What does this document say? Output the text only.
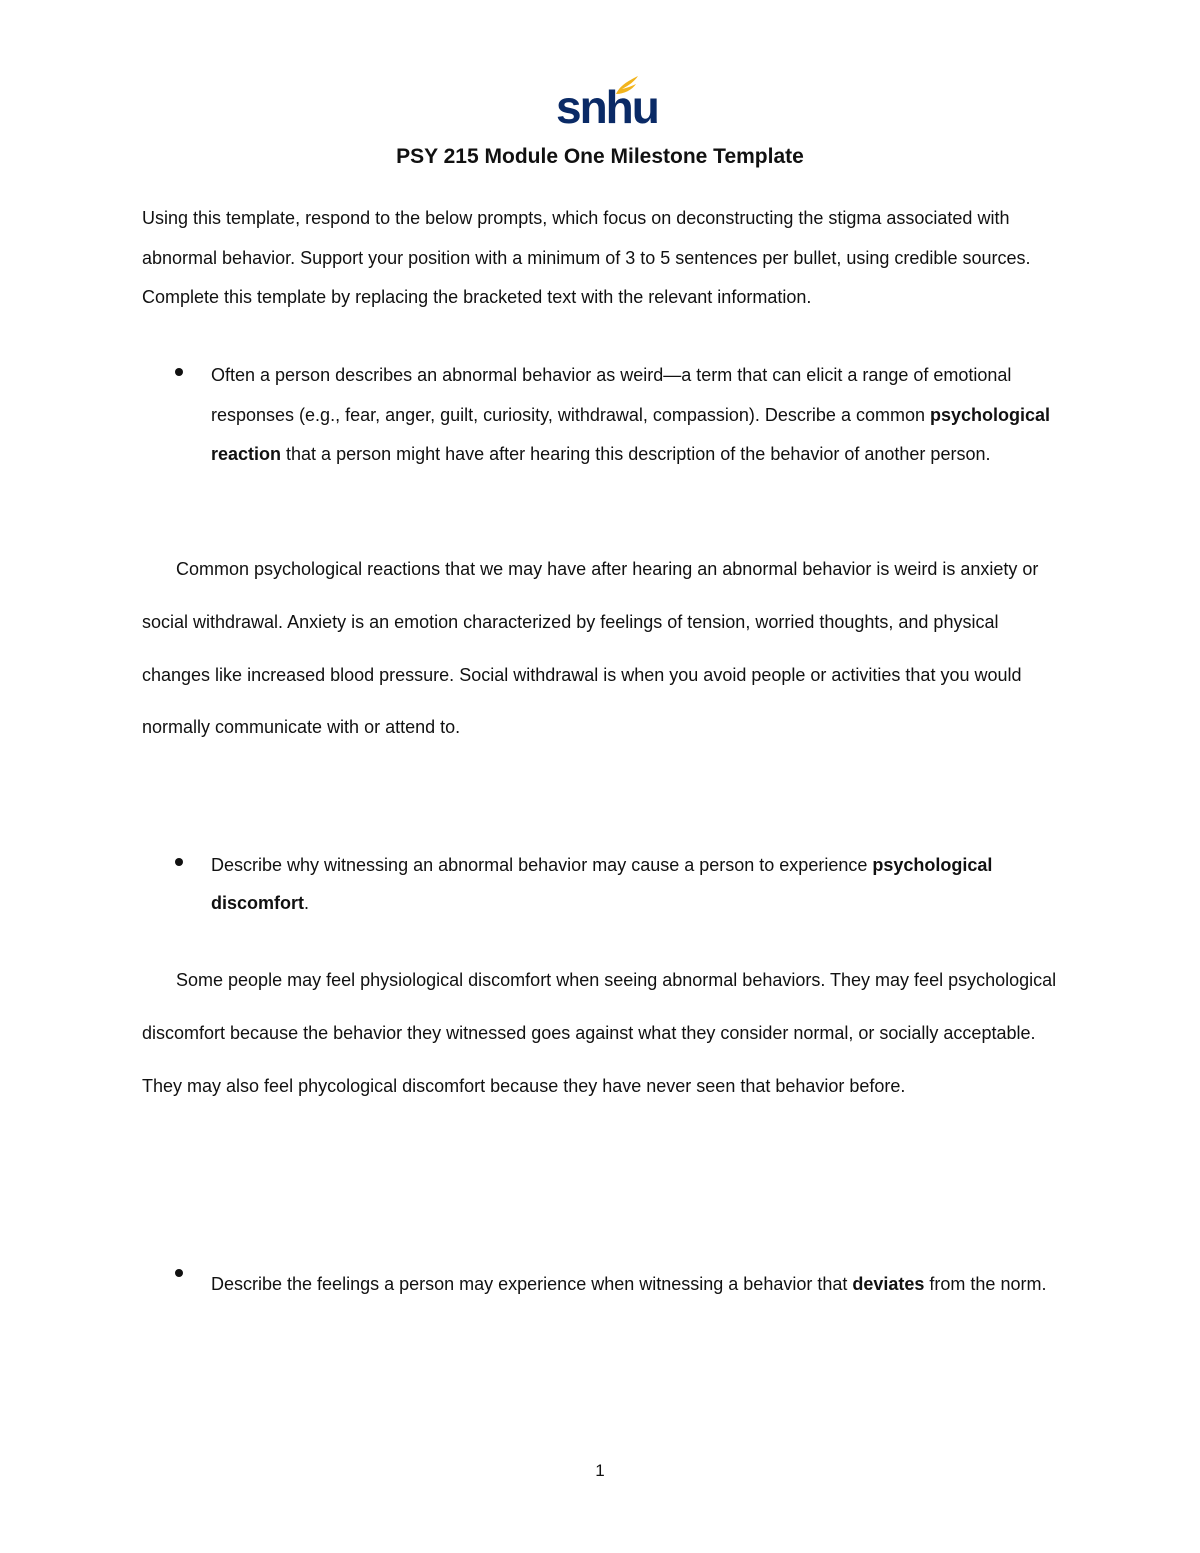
snhu
PSY 215 Module One Milestone Template
Using this template, respond to the below prompts, which focus on deconstructing the stigma associated with abnormal behavior. Support your position with a minimum of 3 to 5 sentences per bullet, using credible sources. Complete this template by replacing the bracketed text with the relevant information.
Often a person describes an abnormal behavior as weird—a term that can elicit a range of emotional responses (e.g., fear, anger, guilt, curiosity, withdrawal, compassion). Describe a common psychological reaction that a person might have after hearing this description of the behavior of another person.
Common psychological reactions that we may have after hearing an abnormal behavior is weird is anxiety or social withdrawal. Anxiety is an emotion characterized by feelings of tension, worried thoughts, and physical changes like increased blood pressure. Social withdrawal is when you avoid people or activities that you would normally communicate with or attend to.
Describe why witnessing an abnormal behavior may cause a person to experience psychological discomfort.
Some people may feel physiological discomfort when seeing abnormal behaviors. They may feel psychological discomfort because the behavior they witnessed goes against what they consider normal, or socially acceptable. They may also feel phycological discomfort because they have never seen that behavior before.
Describe the feelings a person may experience when witnessing a behavior that deviates from the norm.
1
